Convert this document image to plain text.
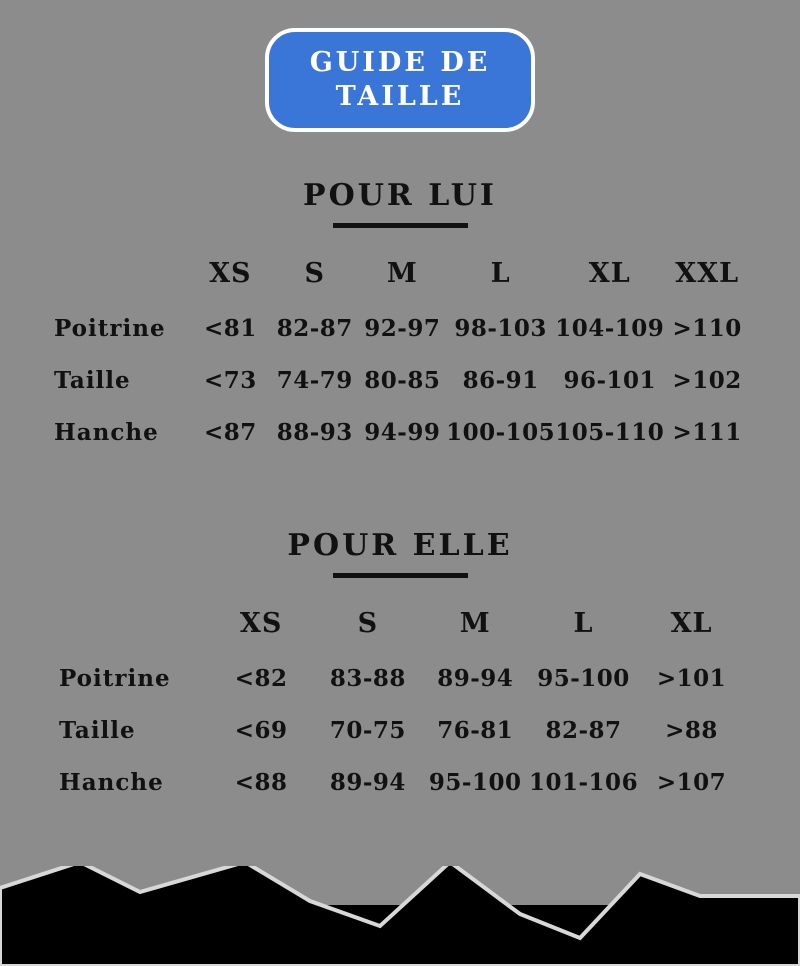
GUIDE DE
TAILLE
POUR LUI
	XS	S	M	L	XL	XXL
Poitrine	<81	82-87	92-97	98-103	104-109	>110
Taille	<73	74-79	80-85	86-91	96-101	>102
Hanche	<87	88-93	94-99	100-105	105-110	>111
POUR ELLE
	XS	S	M	L	XL
Poitrine	<82	83-88	89-94	95-100	>101
Taille	<69	70-75	76-81	82-87	>88
Hanche	<88	89-94	95-100	101-106	>107
